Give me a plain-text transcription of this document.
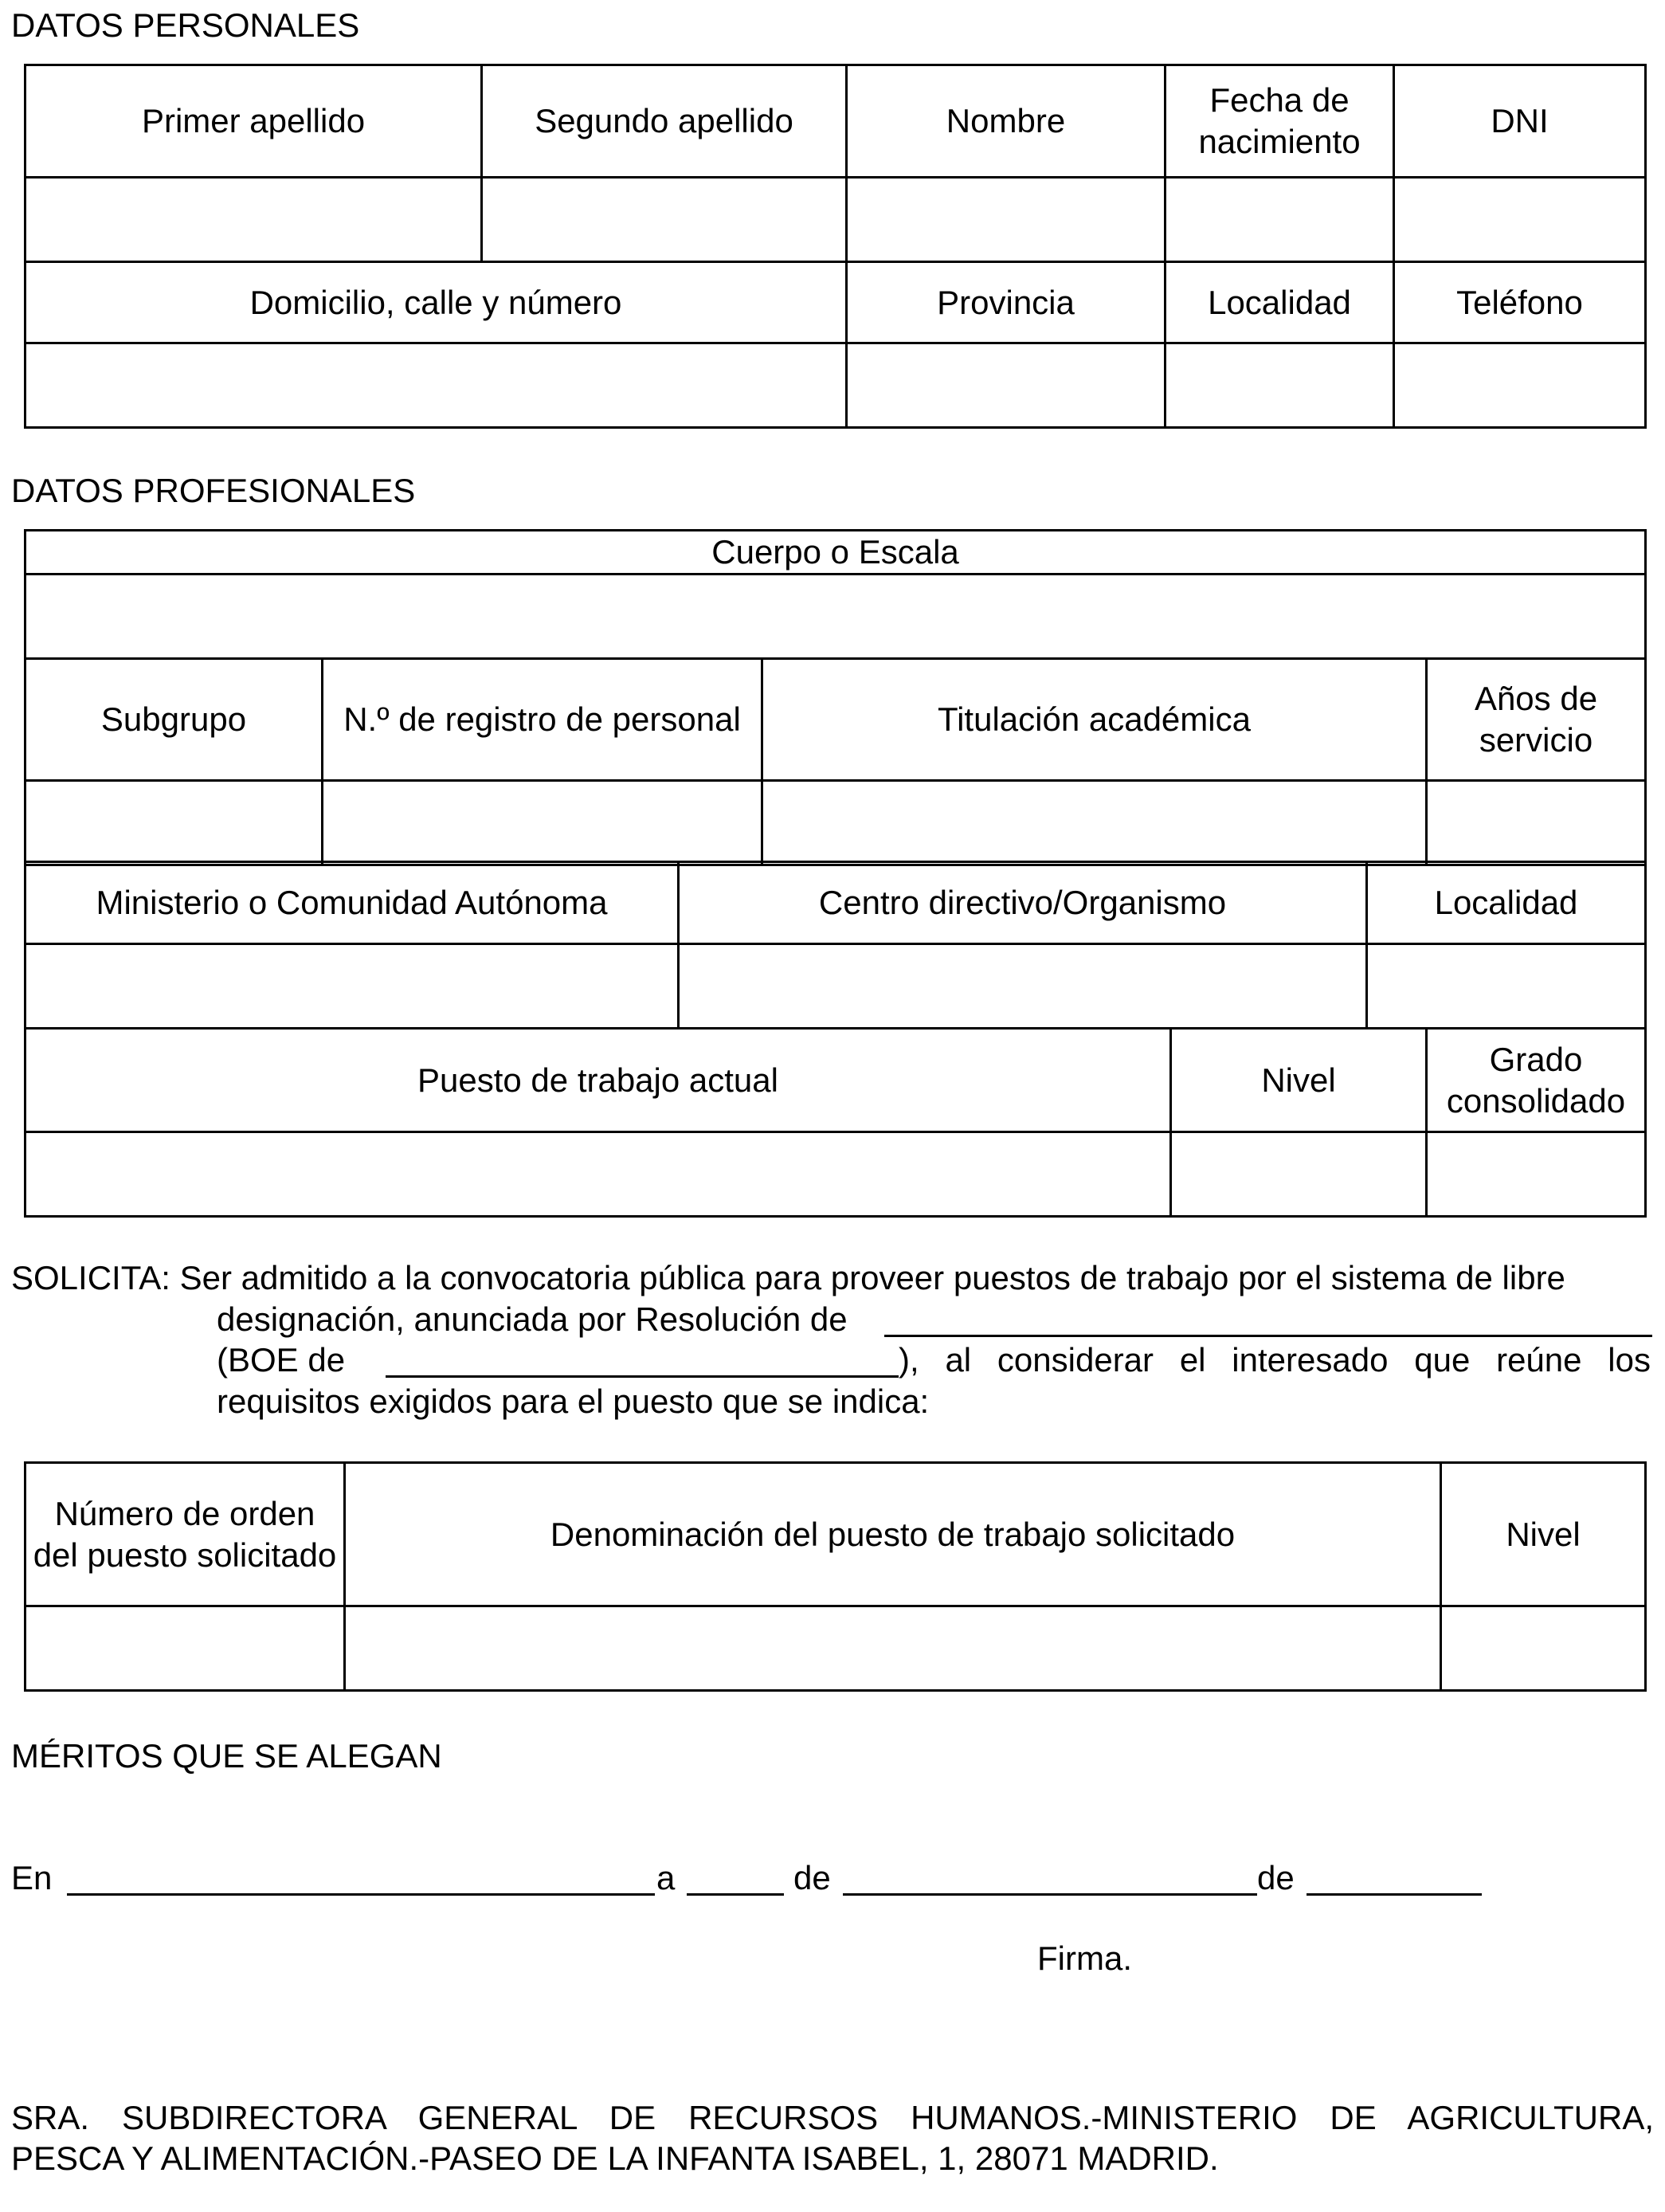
DATOS PERSONALES
Primer apellido	Segundo apellido	Nombre	Fecha de nacimiento	DNI

Domicilio, calle y número		Provincia	Localidad	Teléfono

DATOS PROFESIONALES
Cuerpo o Escala			

Subgrupo	N.º de registro de personal	Titulación académica	Años de servicio

Ministerio o Comunidad Autónoma	Centro directivo/Organismo	Localidad

Puesto de trabajo actual	Nivel	Grado consolidado

SOLICITA: Ser admitido a la convocatoria pública para proveer puestos de trabajo por el sistema de libre
designación, anunciada por Resolución de
(BOE de	), al considerar el interesado que reúne los
requisitos exigidos para el puesto que se indica:
Número de orden del puesto solicitado	Denominación del puesto de trabajo solicitado	Nivel

MÉRITOS QUE SE ALEGAN
En	a	de	de
Firma.
SRA. SUBDIRECTORA GENERAL DE RECURSOS HUMANOS.-MINISTERIO DE AGRICULTURA,
PESCA Y ALIMENTACIÓN.-PASEO DE LA INFANTA ISABEL, 1, 28071 MADRID.
